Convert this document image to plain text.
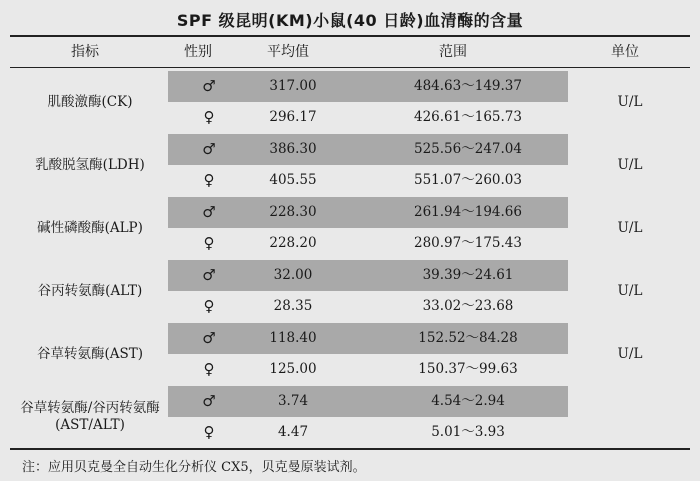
SPF 级昆明(KM)小鼠(40 日龄)血清酶的含量
指标	性别	平均值	范围	单位
肌酸激酶(CK)
♂	317.00	484.63～149.37
♀	296.17	426.61～165.73
U/L
乳酸脱氢酶(LDH)
♂	386.30	525.56～247.04
♀	405.55	551.07～260.03
U/L
碱性磷酸酶(ALP)
♂	228.30	261.94～194.66
♀	228.20	280.97～175.43
U/L
谷丙转氨酶(ALT)
♂	32.00	39.39～24.61
♀	28.35	33.02～23.68
U/L
谷草转氨酶(AST)
♂	118.40	152.52～84.28
♀	125.00	150.37～99.63
U/L
谷草转氨酶/谷丙转氨酶
(AST/ALT)
♂	3.74	4.54～2.94
♀	4.47	5.01～3.93
注：应用贝克曼全自动生化分析仪 CX5，贝克曼原装试剂。
